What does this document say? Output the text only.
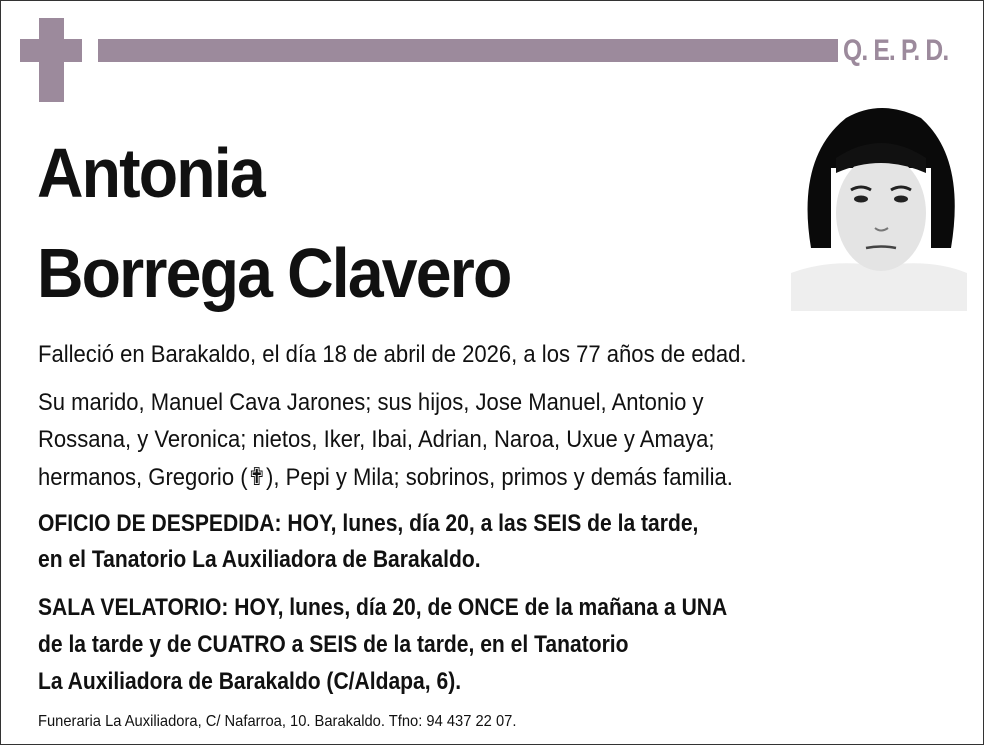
Q. E. P. D.
Antonia
Borrega Clavero
Falleció en Barakaldo, el día 18 de abril de 2026, a los 77 años de edad.
Su marido, Manuel Cava Jarones; sus hijos, Jose Manuel, Antonio y
Rossana, y Veronica; nietos, Iker, Ibai, Adrian, Naroa, Uxue y Amaya;
hermanos, Gregorio (✟), Pepi y Mila; sobrinos, primos y demás familia.
OFICIO DE DESPEDIDA: HOY, lunes, día 20, a las SEIS de la tarde,
en el Tanatorio La Auxiliadora de Barakaldo.
SALA VELATORIO: HOY, lunes, día 20, de ONCE de la mañana a UNA
de la tarde y de CUATRO a SEIS de la tarde, en el Tanatorio
La Auxiliadora de Barakaldo (C/Aldapa, 6).
Funeraria La Auxiliadora, C/ Nafarroa, 10. Barakaldo. Tfno: 94 437 22 07.
